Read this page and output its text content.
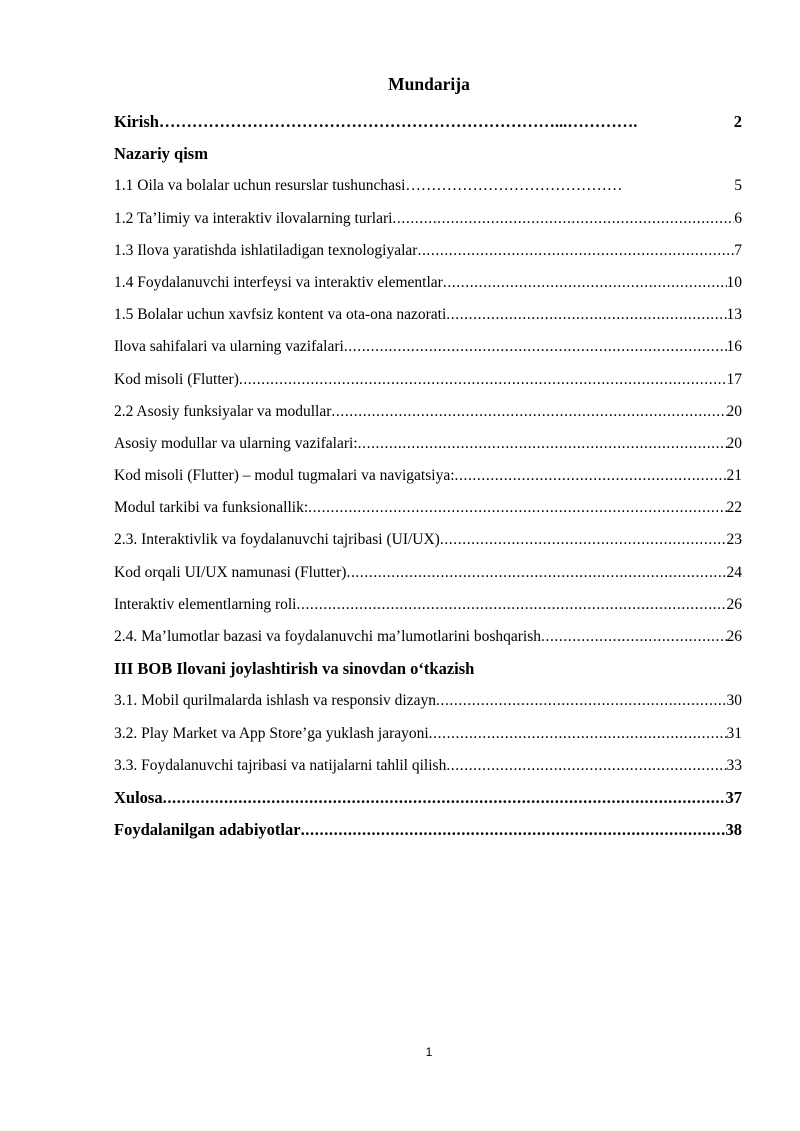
Mundarija
Kirish………………………………………………………………...………….	2
Nazariy qism
1.1 Oila va bolalar uchun resurslar tushunchasi……………………………………	5
1.2 Ta’limiy va interaktiv ilovalarning turlari .....	6
1.3 Ilova yaratishda ishlatiladigan texnologiyalar .....	7
1.4 Foydalanuvchi interfeysi va interaktiv elementlar .....	10
1.5 Bolalar uchun xavfsiz kontent va ota-ona nazorati .....	13
Ilova sahifalari va ularning vazifalari .....	16
Kod misoli (Flutter) .....	17
2.2 Asosiy funksiyalar va modullar .....	20
Asosiy modullar va ularning vazifalari: .....	20
Kod misoli (Flutter) – modul tugmalari va navigatsiya: .....	21
Modul tarkibi va funksionallik: .....	22
2.3. Interaktivlik va foydalanuvchi tajribasi (UI/UX) .....	23
Kod orqali UI/UX namunasi (Flutter) .....	24
Interaktiv elementlarning roli .....	26
2.4. Ma’lumotlar bazasi va foydalanuvchi ma’lumotlarini boshqarish .....	26
III BOB Ilovani joylashtirish va sinovdan o‘tkazish
3.1. Mobil qurilmalarda ishlash va responsiv dizayn .....	30
3.2. Play Market va App Store’ga yuklash jarayoni .....	31
3.3. Foydalanuvchi tajribasi va natijalarni tahlil qilish .....	33
Xulosa .....	37
Foydalanilgan adabiyotlar .....	38
1
